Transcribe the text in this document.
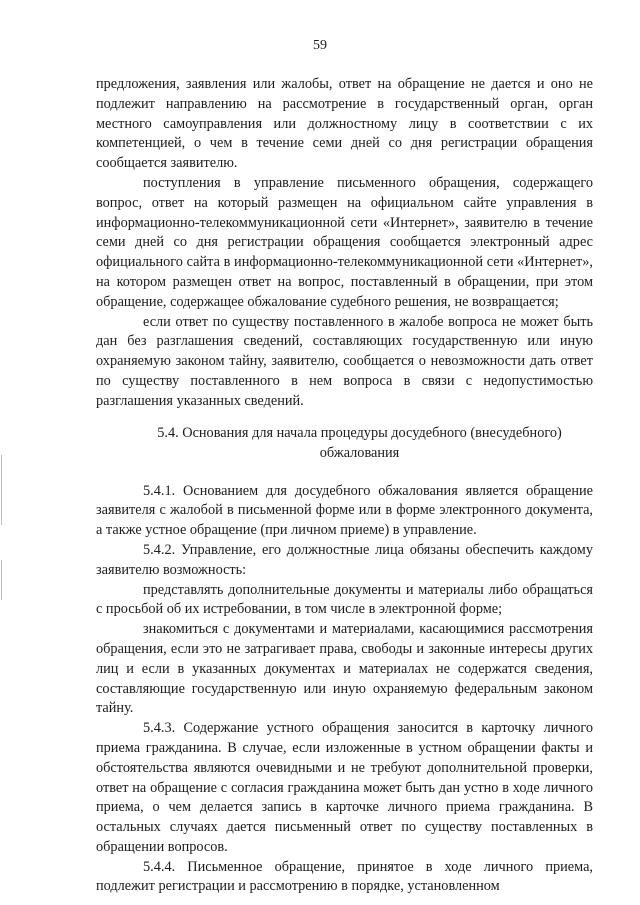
59

предложения, заявления или жалобы, ответ на обращение не дается и оно не подлежит направлению на рассмотрение в государственный орган, орган местного самоуправления или должностному лицу в соответствии с их компетенцией, о чем в течение семи дней со дня регистрации обращения сообщается заявителю.

поступления в управление письменного обращения, содержащего вопрос, ответ на который размещен на официальном сайте управления в информационно-телекоммуникационной сети «Интернет», заявителю в течение семи дней со дня регистрации обращения сообщается электронный адрес официального сайта в информационно-телекоммуникационной сети «Интернет», на котором размещен ответ на вопрос, поставленный в обращении, при этом обращение, содержащее обжалование судебного решения, не возвращается;

если ответ по существу поставленного в жалобе вопроса не может быть дан без разглашения сведений, составляющих государственную или иную охраняемую законом тайну, заявителю, сообщается о невозможности дать ответ по существу поставленного в нем вопроса в связи с недопустимостью разглашения указанных сведений.

5.4. Основания для начала процедуры досудебного (внесудебного)
обжалования

5.4.1. Основанием для досудебного обжалования является обращение заявителя с жалобой в письменной форме или в форме электронного документа, а также устное обращение (при личном приеме) в управление.

5.4.2. Управление, его должностные лица обязаны обеспечить каждому заявителю возможность:

представлять дополнительные документы и материалы либо обращаться с просьбой об их истребовании, в том числе в электронной форме;

знакомиться с документами и материалами, касающимися рассмотрения обращения, если это не затрагивает права, свободы и законные интересы других лиц и если в указанных документах и материалах не содержатся сведения, составляющие государственную или иную охраняемую федеральным законом тайну.

5.4.3. Содержание устного обращения заносится в карточку личного приема гражданина. В случае, если изложенные в устном обращении факты и обстоятельства являются очевидными и не требуют дополнительной проверки, ответ на обращение с согласия гражданина может быть дан устно в ходе личного приема, о чем делается запись в карточке личного приема гражданина. В остальных случаях дается письменный ответ по существу поставленных в обращении вопросов.

5.4.4. Письменное обращение, принятое в ходе личного приема, подлежит регистрации и рассмотрению в порядке, установленном
